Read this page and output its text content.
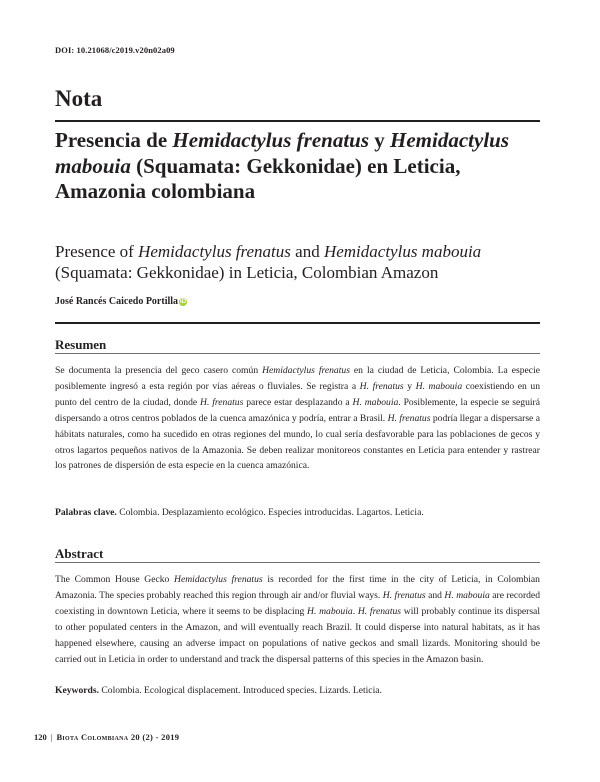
DOI: 10.21068/c2019.v20n02a09
Nota
Presencia de Hemidactylus frenatus y Hemidactylus mabouia (Squamata: Gekkonidae) en Leticia, Amazonia colombiana
Presence of Hemidactylus frenatus and Hemidactylus mabouia (Squamata: Gekkonidae) in Leticia, Colombian Amazon
José Rancés Caicedo Portilla iD
Resumen

Se documenta la presencia del geco casero común Hemidactylus frenatus en la ciudad de Leticia, Colombia. La especie posiblemente ingresó a esta región por vías aéreas o fluviales. Se registra a H. frenatus y H. mabouia coexistiendo en un punto del centro de la ciudad, donde H. frenatus parece estar desplazando a H. mabouia. Posiblemente, la especie se seguirá dispersando a otros centros poblados de la cuenca amazónica y podría, entrar a Brasil. H. frenatus podría llegar a dispersarse a hábitats naturales, como ha sucedido en otras regiones del mundo, lo cual sería desfavorable para las poblaciones de gecos y otros lagartos pequeños nativos de la Amazonia. Se deben realizar monitoreos constantes en Leticia para entender y rastrear los patrones de dispersión de esta especie en la cuenca amazónica.

Palabras clave. Colombia. Desplazamiento ecológico. Especies introducidas. Lagartos. Leticia.

Abstract

The Common House Gecko Hemidactylus frenatus is recorded for the first time in the city of Leticia, in Colombian Amazonia. The species probably reached this region through air and/or fluvial ways. H. frenatus and H. mabouia are recorded coexisting in downtown Leticia, where it seems to be displacing H. mabouia. H. frenatus will probably continue its dispersal to other populated centers in the Amazon, and will eventually reach Brazil. It could disperse into natural habitats, as it has happened elsewhere, causing an adverse impact on populations of native geckos and small lizards. Monitoring should be carried out in Leticia in order to understand and track the dispersal patterns of this species in the Amazon basin.

Keywords. Colombia. Ecological displacement. Introduced species. Lizards. Leticia.

120 | Biota Colombiana 20 (2) - 2019
